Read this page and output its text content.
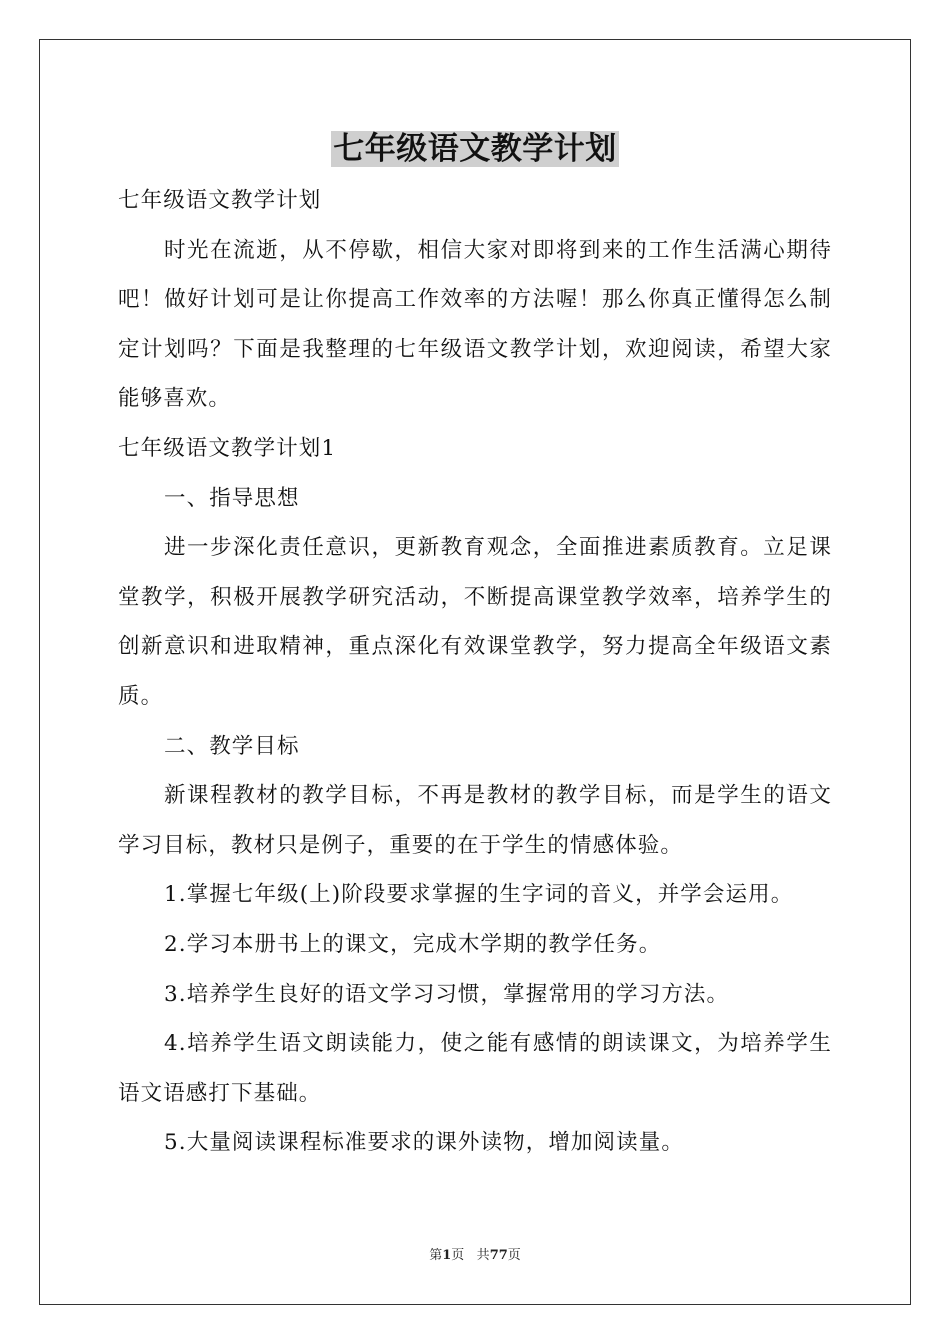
七年级语文教学计划

七年级语文教学计划

时光在流逝，从不停歇，相信大家对即将到来的工作生活满心期待吧！做好计划可是让你提高工作效率的方法喔！那么你真正懂得怎么制定计划吗？下面是我整理的七年级语文教学计划，欢迎阅读，希望大家能够喜欢。

七年级语文教学计划1

一、指导思想

进一步深化责任意识，更新教育观念，全面推进素质教育。立足课堂教学，积极开展教学研究活动，不断提高课堂教学效率，培养学生的创新意识和进取精神，重点深化有效课堂教学，努力提高全年级语文素质。

二、教学目标

新课程教材的教学目标，不再是教材的教学目标，而是学生的语文学习目标，教材只是例子，重要的在于学生的情感体验。

1.掌握七年级(上)阶段要求掌握的生字词的音义，并学会运用。

2.学习本册书上的课文，完成木学期的教学任务。

3.培养学生良好的语文学习习惯，掌握常用的学习方法。

4.培养学生语文朗读能力，使之能有感情的朗读课文，为培养学生语文语感打下基础。

5.大量阅读课程标准要求的课外读物，增加阅读量。

第1页 共77页
